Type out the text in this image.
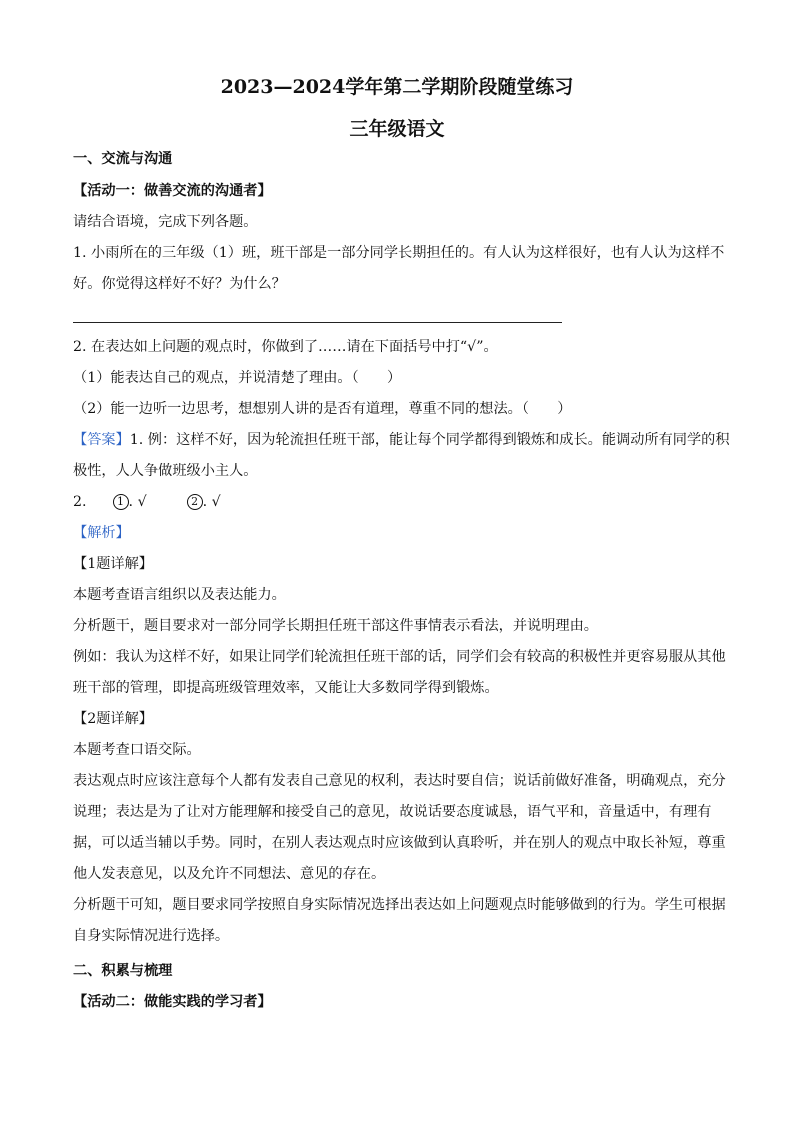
2023—2024学年第二学期阶段随堂练习
三年级语文
一、交流与沟通
【活动一：做善交流的沟通者】
请结合语境，完成下列各题。
1. 小雨所在的三年级（1）班，班干部是一部分同学长期担任的。有人认为这样很好，也有人认为这样不
好。你觉得这样好不好？为什么？
2. 在表达如上问题的观点时，你做到了……请在下面括号中打“√”。
（1）能表达自己的观点，并说清楚了理由。（　　）
（2）能一边听一边思考，想想别人讲的是否有道理，尊重不同的想法。（　　）
【答案】1. 例：这样不好，因为轮流担任班干部，能让每个同学都得到锻炼和成长。能调动所有同学的积
极性，人人争做班级小主人。
2.	1 . √	2 . √
【解析】
【1题详解】
本题考查语言组织以及表达能力。
分析题干，题目要求对一部分同学长期担任班干部这件事情表示看法，并说明理由。
例如：我认为这样不好，如果让同学们轮流担任班干部的话，同学们会有较高的积极性并更容易服从其他
班干部的管理，即提高班级管理效率，又能让大多数同学得到锻炼。
【2题详解】
本题考查口语交际。
表达观点时应该注意每个人都有发表自己意见的权利，表达时要自信；说话前做好准备，明确观点，充分
说理；表达是为了让对方能理解和接受自己的意见，故说话要态度诚恳，语气平和，音量适中，有理有
据，可以适当辅以手势。同时，在别人表达观点时应该做到认真聆听，并在别人的观点中取长补短，尊重
他人发表意见，以及允许不同想法、意见的存在。
分析题干可知，题目要求同学按照自身实际情况选择出表达如上问题观点时能够做到的行为。学生可根据
自身实际情况进行选择。
二、积累与梳理
【活动二：做能实践的学习者】
